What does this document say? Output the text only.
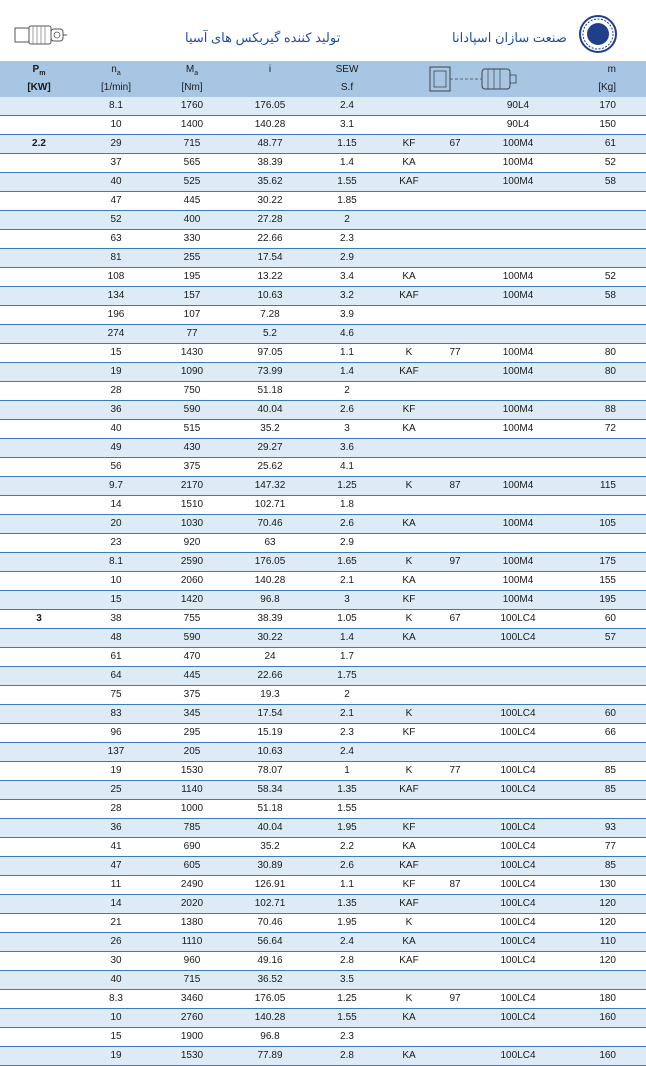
تولید کننده گیربکس های آسیا	صنعت سازان اسپادانا
$P_m$	$n_a$	$M_a$	i	SEW				m
[KW]	[1/min]	[Nm]		S.f				[Kg]
	8.1	1760	176.05	2.4			90L4	170
	10	1400	140.28	3.1			90L4	150
2.2	29	715	48.77	1.15	KF	67	100M4	61
	37	565	38.39	1.4	KA		100M4	52
	40	525	35.62	1.55	KAF		100M4	58
	47	445	30.22	1.85				
	52	400	27.28	2				
	63	330	22.66	2.3				
	81	255	17.54	2.9				
	108	195	13.22	3.4	KA		100M4	52
	134	157	10.63	3.2	KAF		100M4	58
	196	107	7.28	3.9				
	274	77	5.2	4.6				
	15	1430	97.05	1.1	K	77	100M4	80
	19	1090	73.99	1.4	KAF		100M4	80
	28	750	51.18	2				
	36	590	40.04	2.6	KF		100M4	88
	40	515	35.2	3	KA		100M4	72
	49	430	29.27	3.6				
	56	375	25.62	4.1				
	9.7	2170	147.32	1.25	K	87	100M4	115
	14	1510	102.71	1.8				
	20	1030	70.46	2.6	KA		100M4	105
	23	920	63	2.9				
	8.1	2590	176.05	1.65	K	97	100M4	175
	10	2060	140.28	2.1	KA		100M4	155
	15	1420	96.8	3	KF		100M4	195
3	38	755	38.39	1.05	K	67	100LC4	60
	48	590	30.22	1.4	KA		100LC4	57
	61	470	24	1.7				
	64	445	22.66	1.75				
	75	375	19.3	2				
	83	345	17.54	2.1	K		100LC4	60
	96	295	15.19	2.3	KF		100LC4	66
	137	205	10.63	2.4				
	19	1530	78.07	1	K	77	100LC4	85
	25	1140	58.34	1.35	KAF		100LC4	85
	28	1000	51.18	1.55				
	36	785	40.04	1.95	KF		100LC4	93
	41	690	35.2	2.2	KA		100LC4	77
	47	605	30.89	2.6	KAF		100LC4	85
	11	2490	126.91	1.1	KF	87	100LC4	130
	14	2020	102.71	1.35	KAF		100LC4	120
	21	1380	70.46	1.95	K		100LC4	120
	26	1110	56.64	2.4	KA		100LC4	110
	30	960	49.16	2.8	KAF		100LC4	120
	40	715	36.52	3.5				
	8.3	3460	176.05	1.25	K	97	100LC4	180
	10	2760	140.28	1.55	KA		100LC4	160
	15	1900	96.8	2.3				
	19	1530	77.89	2.8	KA		100LC4	160
